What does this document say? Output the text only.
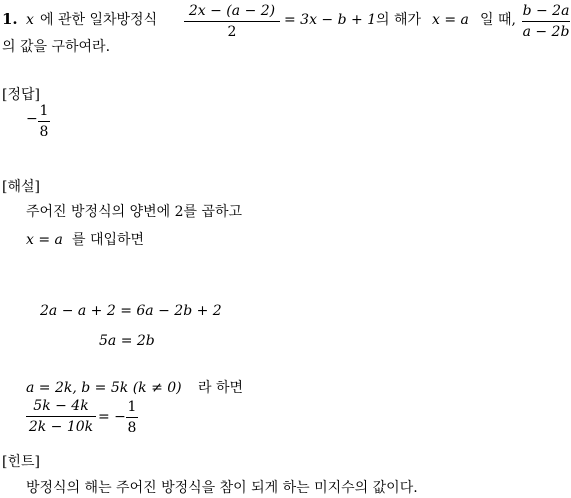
1. x 에 관한 일차방정식
2x − (a − 2)
2
= 3x − b + 1 의 해가 x = a 일 때,
b − 2a
a − 2b
의 값을 구하여라.
[정답]
− 1
8
[해설]
주어진 방정식의 양변에 2를 곱하고
x = a 를 대입하면
2a − a + 2 = 6a − 2b + 2
5a = 2b
a = 2k, b = 5k (k ≠ 0) 라 하면
5k − 4k
2k − 10k
= −
1
8
[힌트]
방정식의 해는 주어진 방정식을 참이 되게 하는 미지수의 값이다.
